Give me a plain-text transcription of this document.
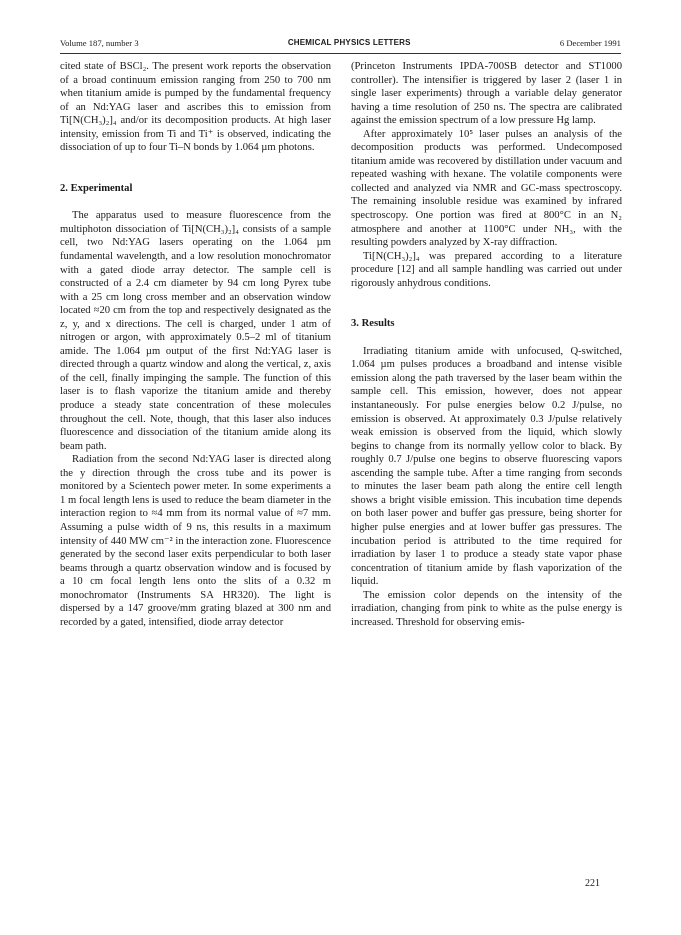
Volume 187, number 3	CHEMICAL PHYSICS LETTERS	6 December 1991

cited state of BSCl₂. The present work reports the observation of a broad continuum emission ranging from 250 to 700 nm when titanium amide is pumped by the fundamental frequency of an Nd:YAG laser and ascribes this to emission from Ti[N(CH₃)₂]₄ and/or its decomposition products. At high laser intensity, emission from Ti and Ti⁺ is observed, indicating the dissociation of up to four Ti–N bonds by 1.064 µm photons.

2. Experimental

The apparatus used to measure fluorescence from the multiphoton dissociation of Ti[N(CH₃)₂]₄ consists of a sample cell, two Nd:YAG lasers operating on the 1.064 µm fundamental wavelength, and a low resolution monochromator with a gated diode array detector. The sample cell is constructed of a 2.4 cm diameter by 94 cm long Pyrex tube with a 25 cm long cross member and an observation window located ≈20 cm from the top and respectively designated as the z, y, and x directions. The cell is charged, under 1 atm of nitrogen or argon, with approximately 0.5–2 ml of titanium amide. The 1.064 µm output of the first Nd:YAG laser is directed through a quartz window and along the vertical, z, axis of the cell, finally impinging the sample. The function of this laser is to flash vaporize the titanium amide and thereby produce a steady state concentration of these molecules throughout the cell. Note, though, that this laser also induces fluorescence and dissociation of the titanium amide along its beam path.

Radiation from the second Nd:YAG laser is directed along the y direction through the cross tube and its power is monitored by a Scientech power meter. In some experiments a 1 m focal length lens is used to reduce the beam diameter in the interaction region to ≈4 mm from its normal value of ≈7 mm. Assuming a pulse width of 9 ns, this results in a maximum intensity of 440 MW cm⁻² in the interaction zone. Fluorescence generated by the second laser exits perpendicular to both laser beams through a quartz observation window and is focused by a 10 cm focal length lens onto the slits of a 0.32 m monochromator (Instruments SA HR320). The light is dispersed by a 147 groove/mm grating blazed at 300 nm and recorded by a gated, intensified, diode array detector

(Princeton Instruments IPDA-700SB detector and ST1000 controller). The intensifier is triggered by laser 2 (laser 1 in single laser experiments) through a variable delay generator having a time resolution of 250 ns. The spectra are calibrated against the emission spectrum of a low pressure Hg lamp.

After approximately 10⁵ laser pulses an analysis of the decomposition products was performed. Undecomposed titanium amide was recovered by distillation under vacuum and repeated washing with hexane. The volatile components were collected and analyzed via NMR and GC-mass spectroscopy. The remaining insoluble residue was examined by infrared spectroscopy. One portion was fired at 800°C in an N₂ atmosphere and another at 1100°C under NH₃, with the resulting powders analyzed by X-ray diffraction.

Ti[N(CH₃)₂]₄ was prepared according to a literature procedure [12] and all sample handling was carried out under rigorously anhydrous conditions.

3. Results

Irradiating titanium amide with unfocused, Q-switched, 1.064 µm pulses produces a broadband and intense visible emission along the path traversed by the laser beam within the sample cell. This emission, however, does not appear instantaneously. For pulse energies below 0.2 J/pulse, no emission is observed. At approximately 0.3 J/pulse relatively weak emission is observed from the liquid, which slowly begins to change from its normally yellow color to black. By roughly 0.7 J/pulse one begins to observe fluorescing vapors ascending the sample tube. After a time ranging from seconds to minutes the laser beam path along the entire cell length shows a bright visible emission. This incubation time depends on both laser power and buffer gas pressure, being shorter for higher pulse energies and at lower buffer gas pressures. The incubation period is attributed to the time required for irradiation by laser 1 to produce a steady state vapor phase concentration of titanium amide by flash vaporization of the liquid.

The emission color depends on the intensity of the irradiation, changing from pink to white as the pulse energy is increased. Threshold for observing emis-

221
